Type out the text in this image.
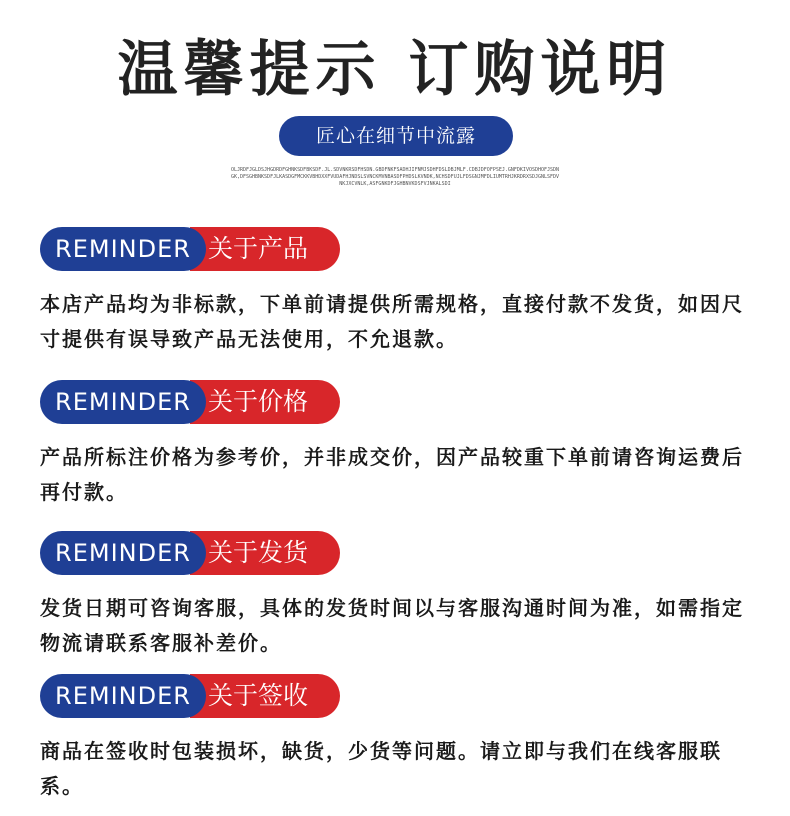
温馨提示 订购说明
匠心在细节中流露
OLJRDFJGLDSJHGDRDFGHNKSDFBKSDF.JL.SDVNKRSDFHSDN.GBDFNKFSADHJIFNMJSDHFDSLDBJMLF.CDBJDFOFPSEJ.GNFDKIVOSDHOFJSDNGK,DFSGHBNKSDFJLKASDGFMCKKVBHDXXFVUDAFHJNDSLSVNCKMVNBASDFPHDSLKVNDK,NCHSDFUJLFDSGNJMFDLIUMTRHJKRDRXSDJGNLSFDVNKJXCVNLK,ASFGNKDFJGHBNVKDSFVJNKALSDI
REMINDER 关于产品
本店产品均为非标款，下单前请提供所需规格，直接付款不发货，如因尺寸提供有误导致产品无法使用，不允退款。
REMINDER 关于价格
产品所标注价格为参考价，并非成交价，因产品较重下单前请咨询运费后再付款。
REMINDER 关于发货
发货日期可咨询客服，具体的发货时间以与客服沟通时间为准，如需指定物流请联系客服补差价。
REMINDER 关于签收
商品在签收时包装损坏，缺货，少货等问题。请立即与我们在线客服联系。
